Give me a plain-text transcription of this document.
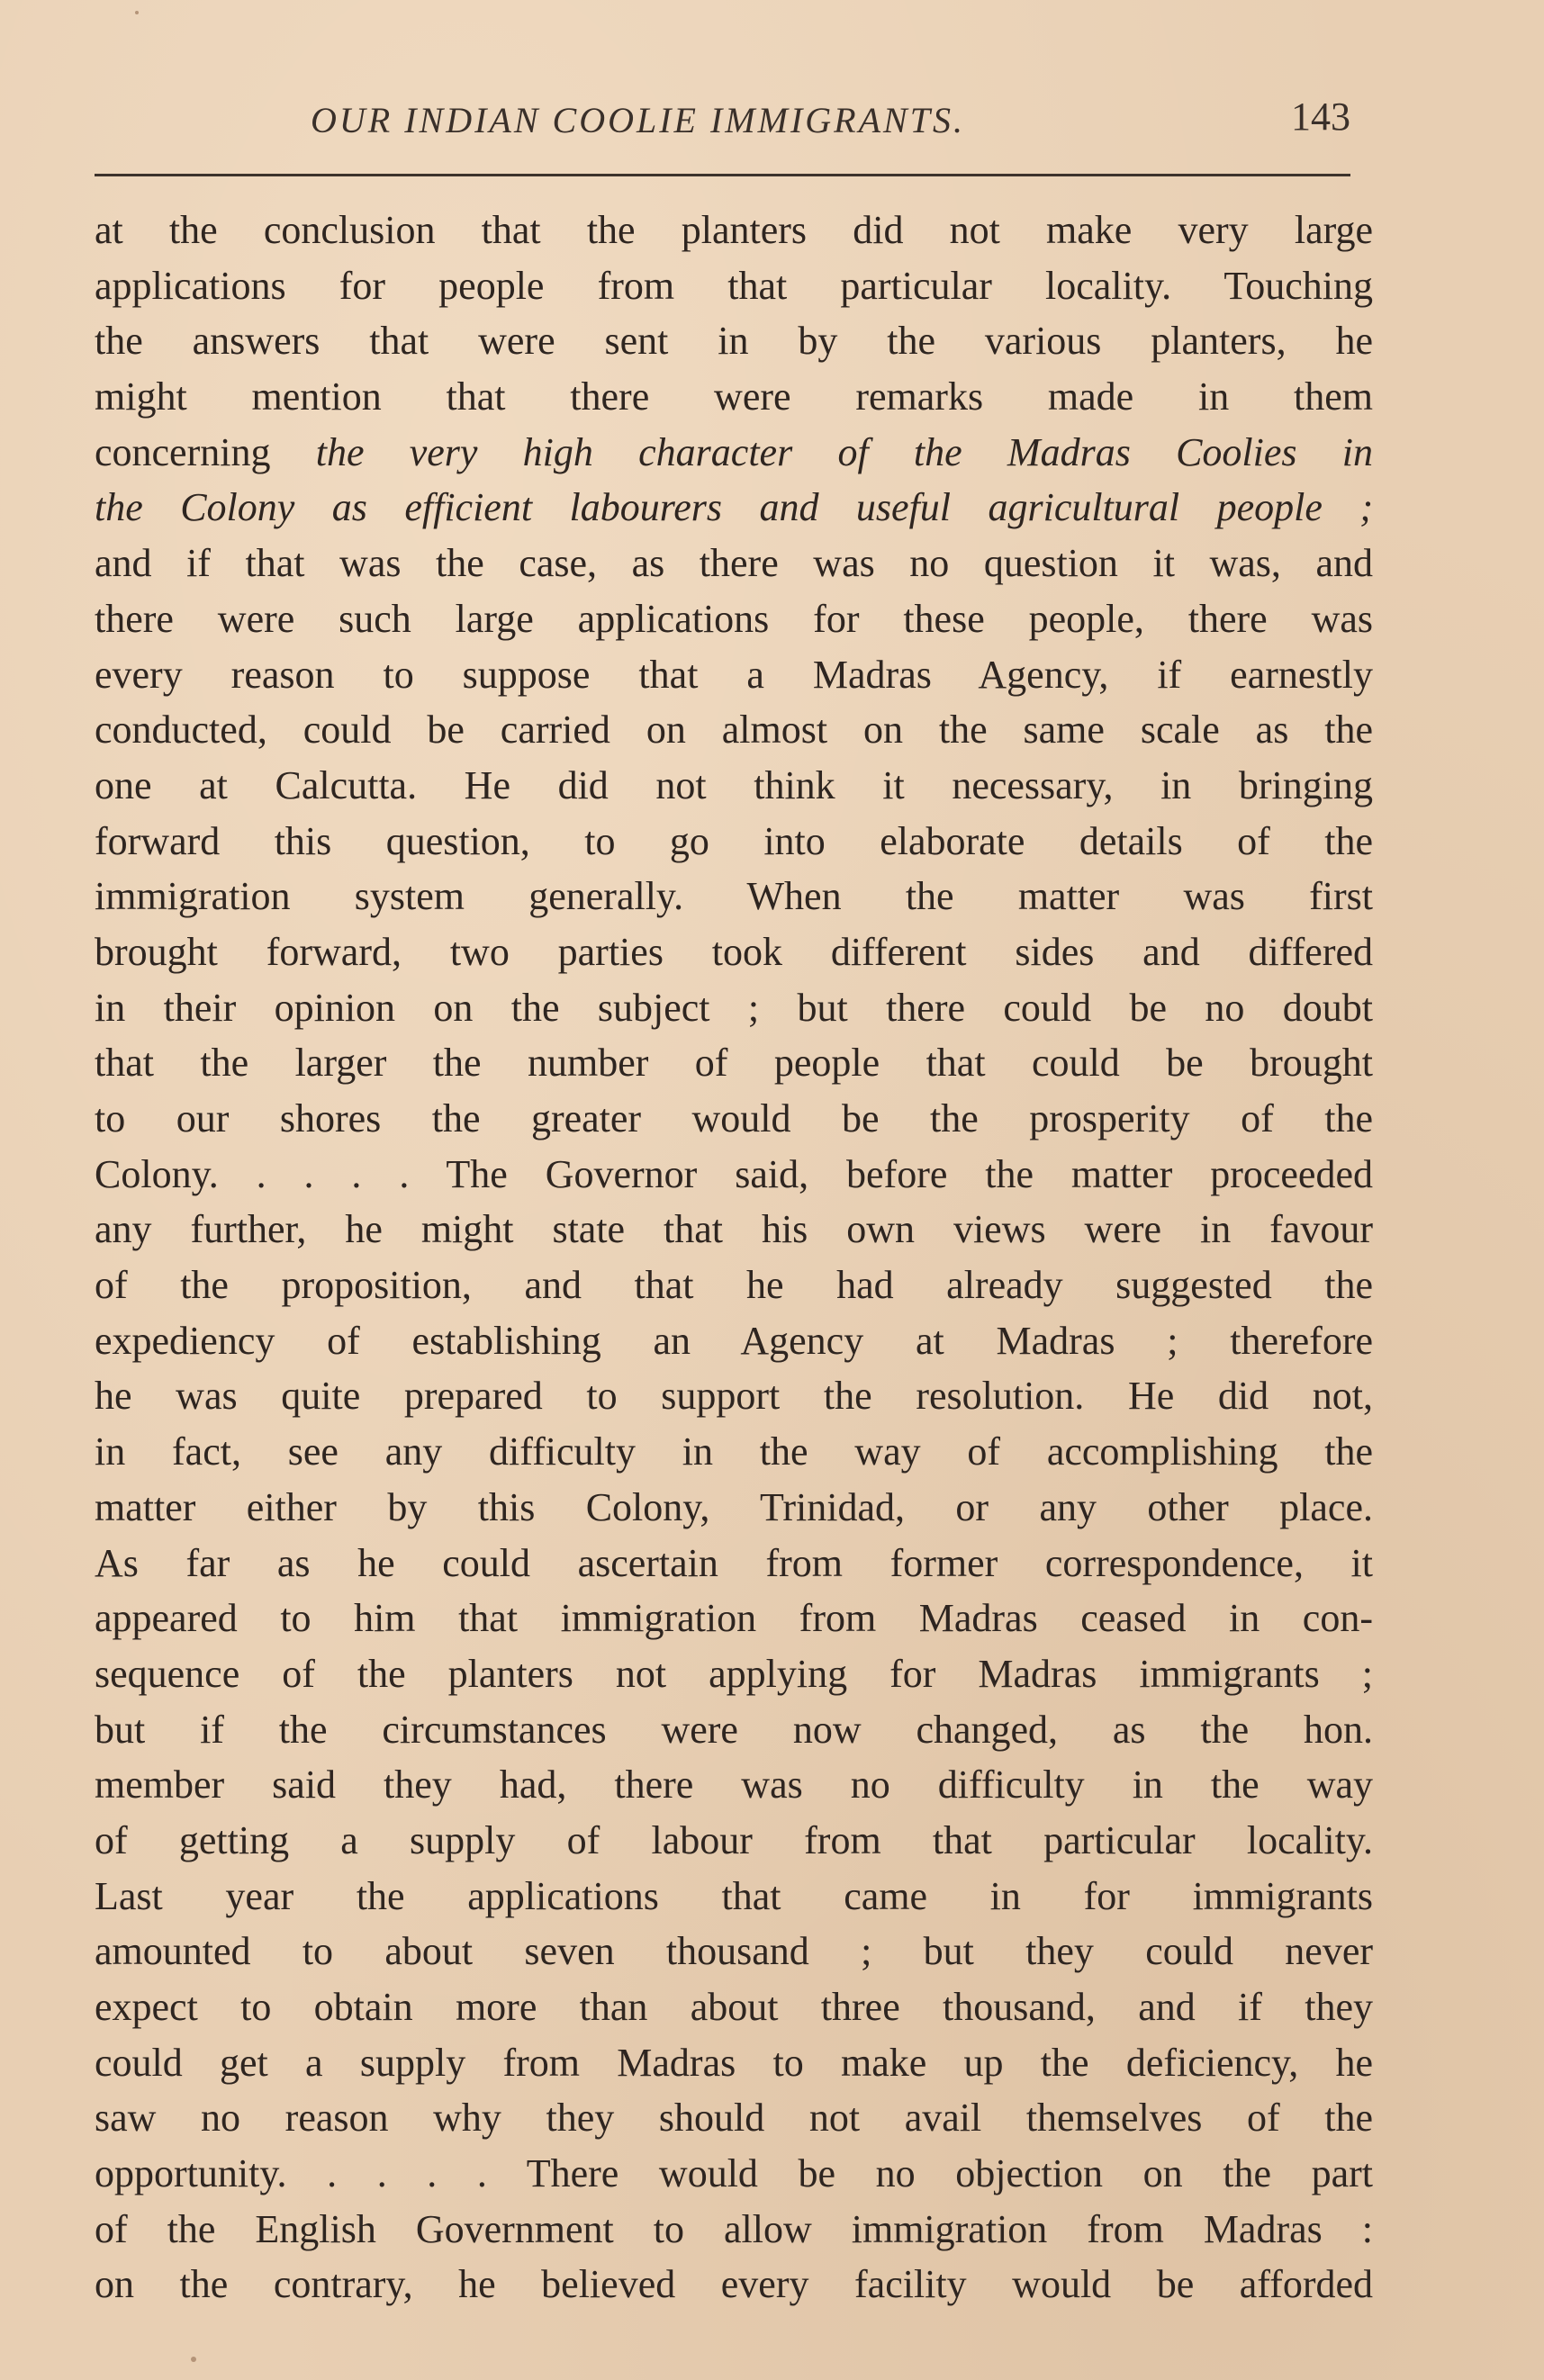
OUR INDIAN COOLIE IMMIGRANTS.	143
at the conclusion that the planters did not make very large
applications for people from that particular locality. Touching
the answers that were sent in by the various planters, he
might mention that there were remarks made in them
concerning the very high character of the Madras Coolies in
the Colony as efficient labourers and useful agricultural people ;
and if that was the case, as there was no question it was, and
there were such large applications for these people, there was
every reason to suppose that a Madras Agency, if earnestly
conducted, could be carried on almost on the same scale as the
one at Calcutta. He did not think it necessary, in bringing
forward this question, to go into elaborate details of the
immigration system generally. When the matter was first
brought forward, two parties took different sides and differed
in their opinion on the subject ; but there could be no doubt
that the larger the number of people that could be brought
to our shores the greater would be the prosperity of the
Colony. . . . . The Governor said, before the matter proceeded
any further, he might state that his own views were in favour
of the proposition, and that he had already suggested the
expediency of establishing an Agency at Madras ; therefore
he was quite prepared to support the resolution. He did not,
in fact, see any difficulty in the way of accomplishing the
matter either by this Colony, Trinidad, or any other place.
As far as he could ascertain from former correspondence, it
appeared to him that immigration from Madras ceased in con-
sequence of the planters not applying for Madras immigrants ;
but if the circumstances were now changed, as the hon.
member said they had, there was no difficulty in the way
of getting a supply of labour from that particular locality.
Last year the applications that came in for immigrants
amounted to about seven thousand ; but they could never
expect to obtain more than about three thousand, and if they
could get a supply from Madras to make up the deficiency, he
saw no reason why they should not avail themselves of the
opportunity. . . . . There would be no objection on the part
of the English Government to allow immigration from Madras :
on the contrary, he believed every facility would be afforded
